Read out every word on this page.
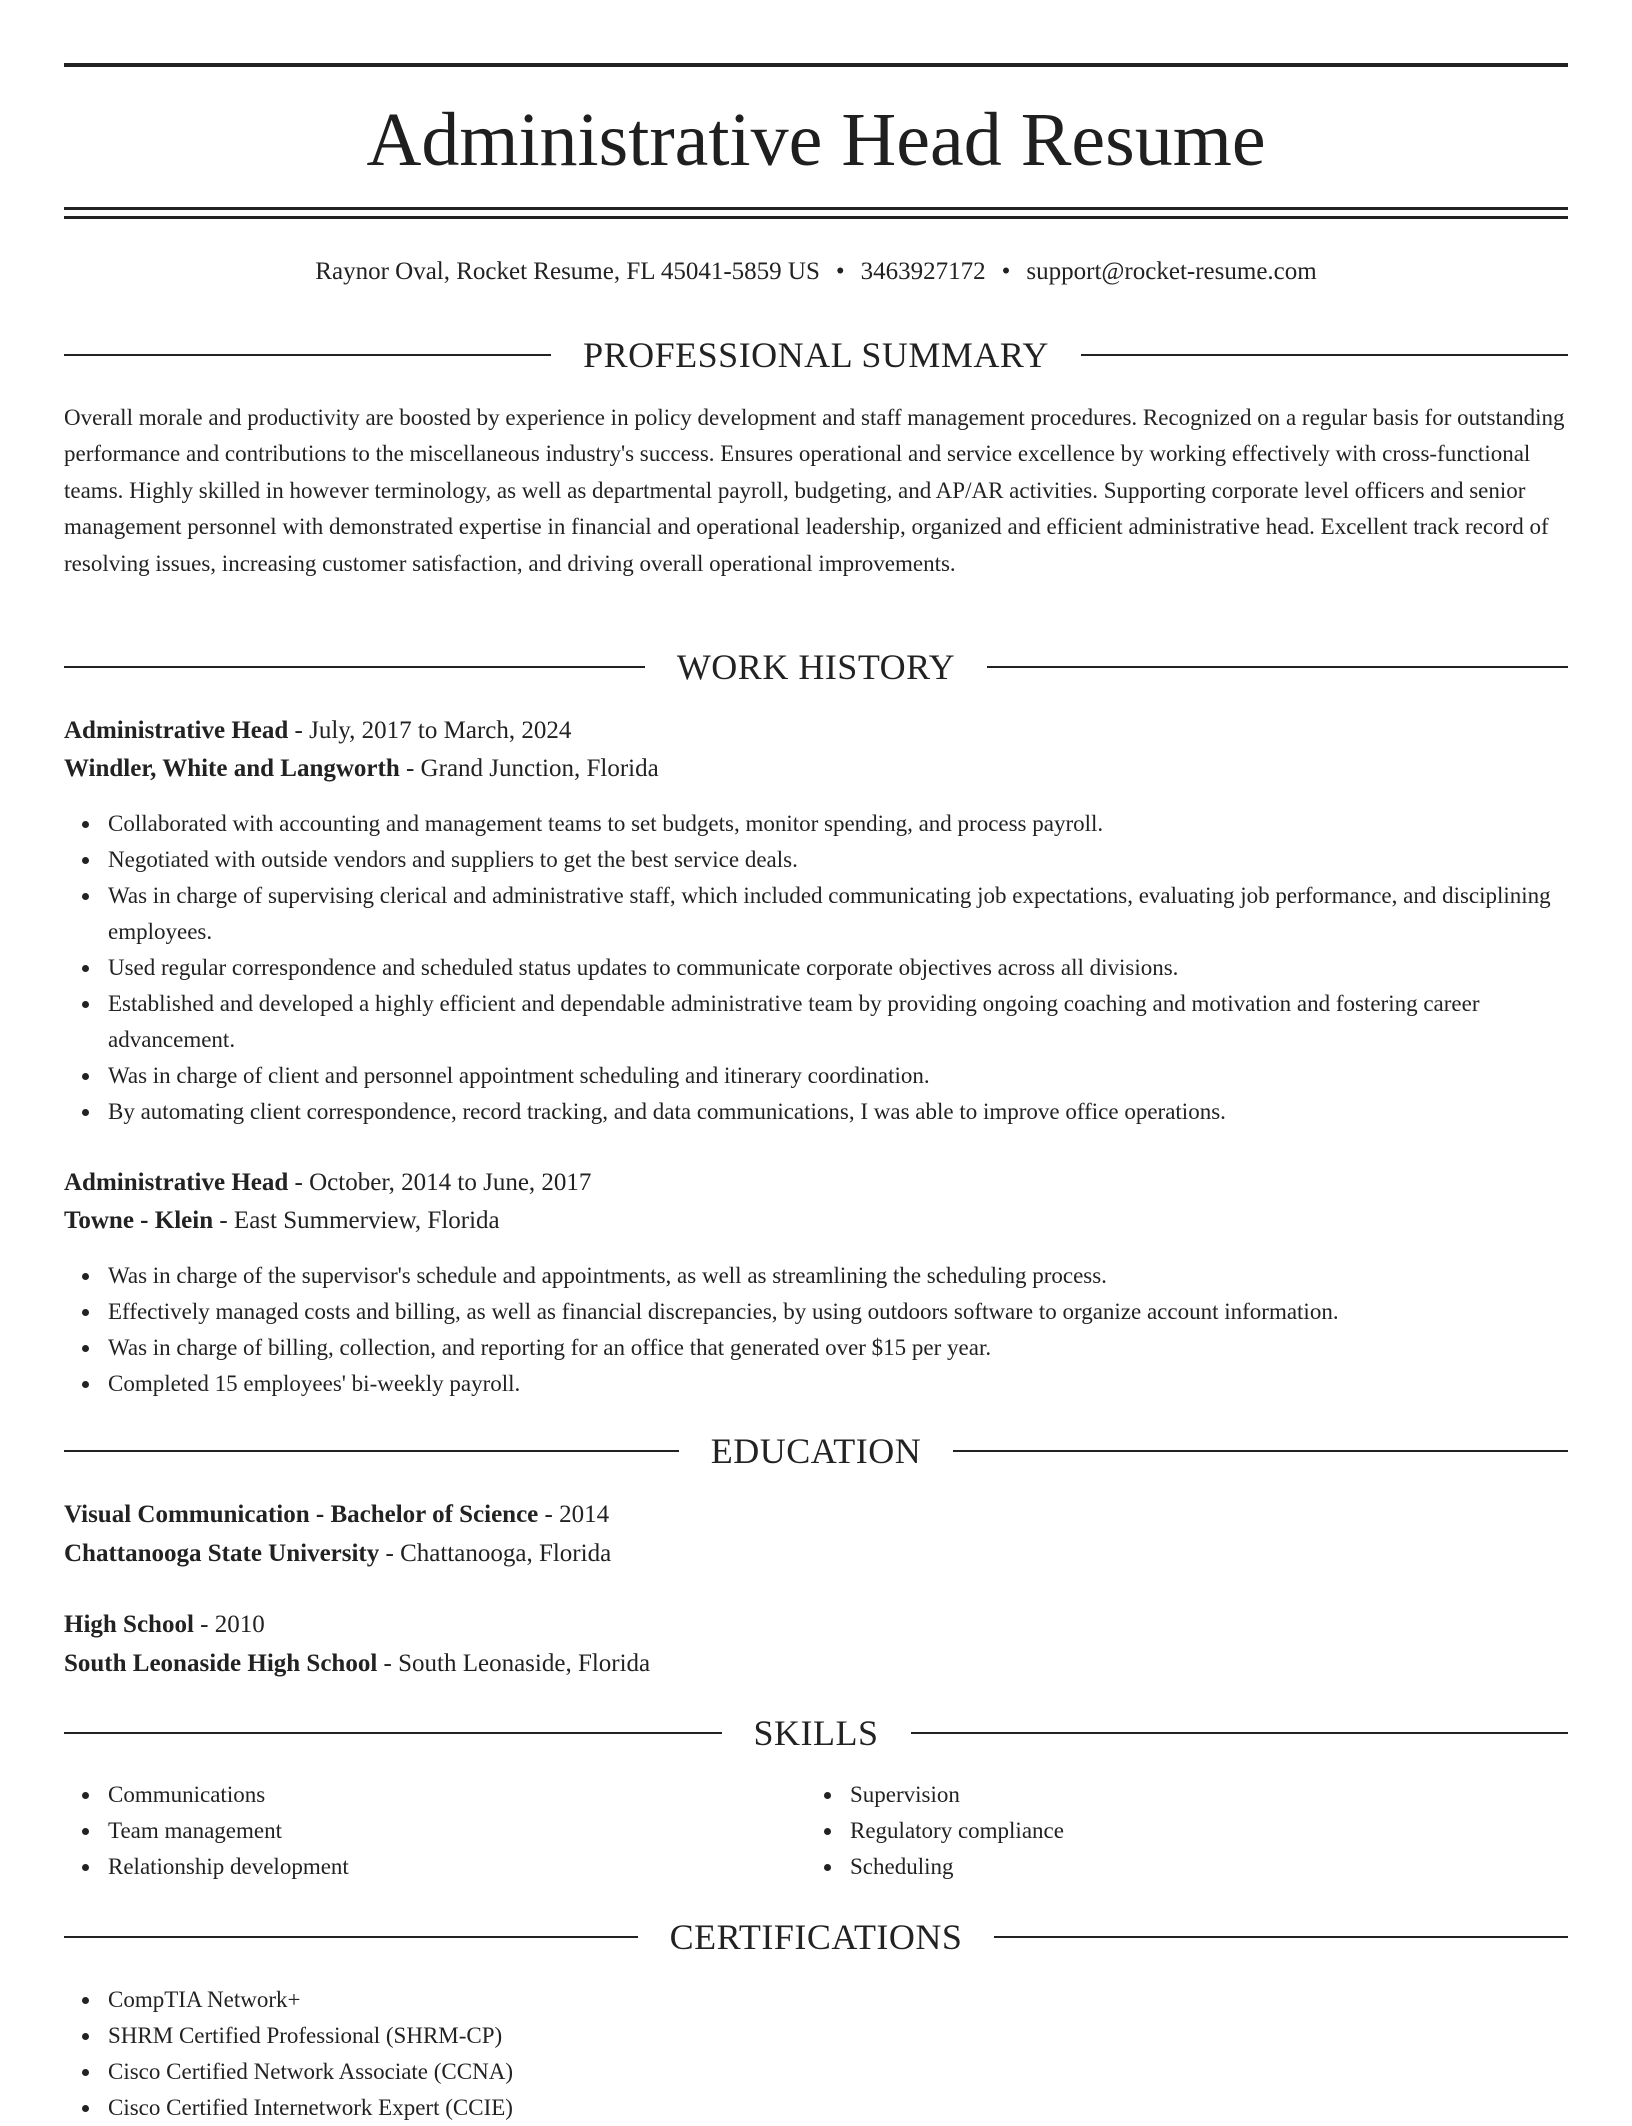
Administrative Head Resume
Raynor Oval, Rocket Resume, FL 45041-5859 US • 3463927172 • support@rocket-resume.com
PROFESSIONAL SUMMARY

Overall morale and productivity are boosted by experience in policy development and staff management procedures. Recognized on a regular basis for outstanding performance and contributions to the miscellaneous industry's success. Ensures operational and service excellence by working effectively with cross-functional teams. Highly skilled in however terminology, as well as departmental payroll, budgeting, and AP/AR activities. Supporting corporate level officers and senior management personnel with demonstrated expertise in financial and operational leadership, organized and efficient administrative head. Excellent track record of resolving issues, increasing customer satisfaction, and driving overall operational improvements.

WORK HISTORY
Administrative Head - July, 2017 to March, 2024
Windler, White and Langworth - Grand Junction, Florida
Collaborated with accounting and management teams to set budgets, monitor spending, and process payroll.
Negotiated with outside vendors and suppliers to get the best service deals.
Was in charge of supervising clerical and administrative staff, which included communicating job expectations, evaluating job performance, and disciplining employees.
Used regular correspondence and scheduled status updates to communicate corporate objectives across all divisions.
Established and developed a highly efficient and dependable administrative team by providing ongoing coaching and motivation and fostering career advancement.
Was in charge of client and personnel appointment scheduling and itinerary coordination.
By automating client correspondence, record tracking, and data communications, I was able to improve office operations.
Administrative Head - October, 2014 to June, 2017
Towne - Klein - East Summerview, Florida
Was in charge of the supervisor's schedule and appointments, as well as streamlining the scheduling process.
Effectively managed costs and billing, as well as financial discrepancies, by using outdoors software to organize account information.
Was in charge of billing, collection, and reporting for an office that generated over $15 per year.
Completed 15 employees' bi-weekly payroll.
EDUCATION
Visual Communication - Bachelor of Science - 2014
Chattanooga State University - Chattanooga, Florida
High School - 2010
South Leonaside High School - South Leonaside, Florida
SKILLS
Communications
Team management
Relationship development
Supervision
Regulatory compliance
Scheduling
CERTIFICATIONS
CompTIA Network+
SHRM Certified Professional (SHRM-CP)
Cisco Certified Network Associate (CCNA)
Cisco Certified Internetwork Expert (CCIE)
